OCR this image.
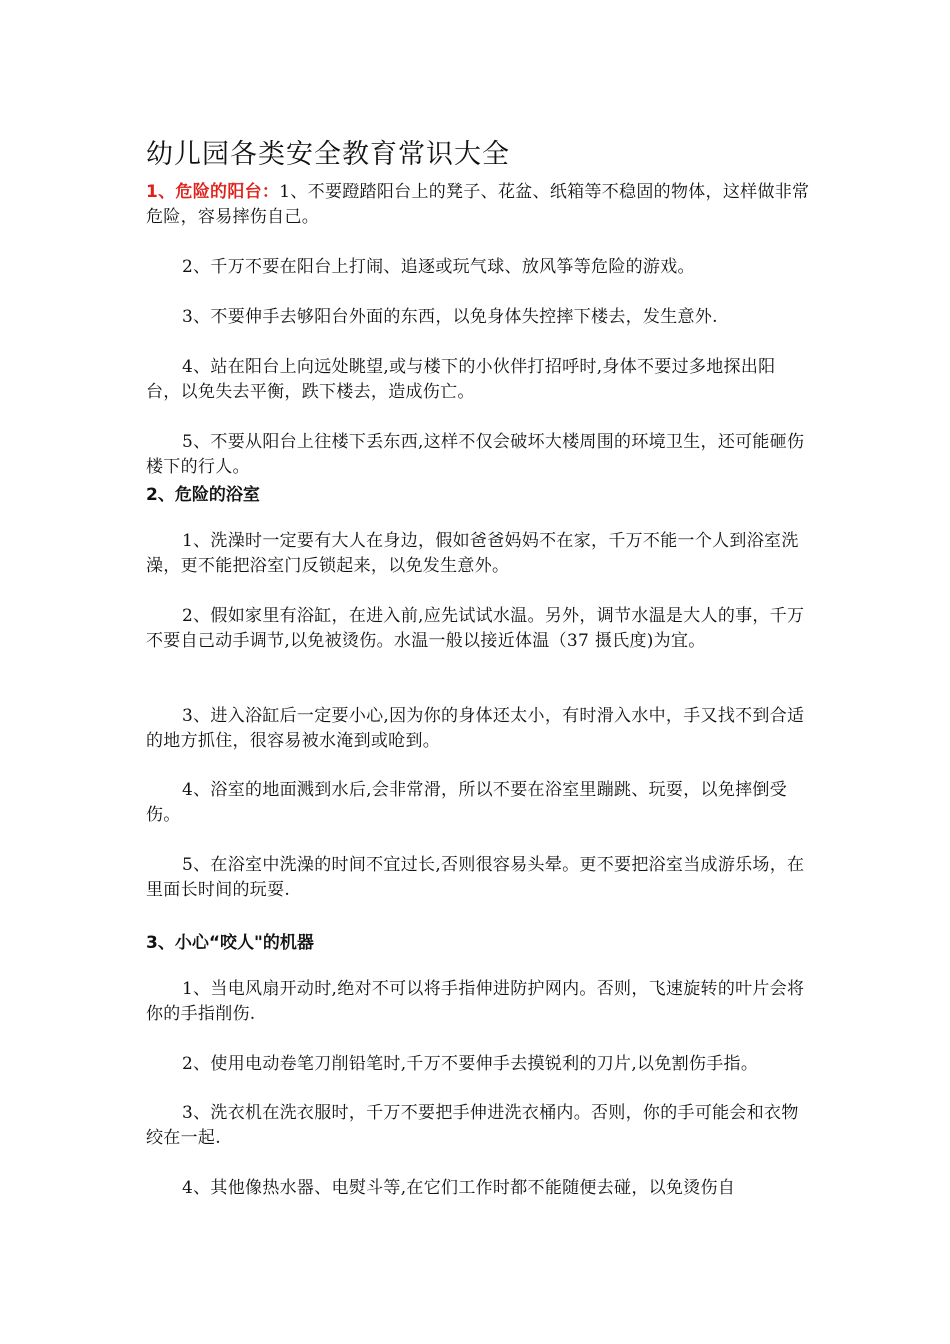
幼儿园各类安全教育常识大全

1、危险的阳台：1、不要蹬踏阳台上的凳子、花盆、纸箱等不稳固的物体，这样做非常危险，容易摔伤自己。

2、千万不要在阳台上打闹、追逐或玩气球、放风筝等危险的游戏。

3、不要伸手去够阳台外面的东西，以免身体失控摔下楼去，发生意外.

4、站在阳台上向远处眺望,或与楼下的小伙伴打招呼时,身体不要过多地探出阳台，以免失去平衡，跌下楼去，造成伤亡。

5、不要从阳台上往楼下丢东西,这样不仅会破坏大楼周围的环境卫生，还可能砸伤楼下的行人。

2、危险的浴室

1、洗澡时一定要有大人在身边，假如爸爸妈妈不在家，千万不能一个人到浴室洗澡，更不能把浴室门反锁起来，以免发生意外。

2、假如家里有浴缸，在进入前,应先试试水温。另外，调节水温是大人的事，千万不要自己动手调节,以免被烫伤。水温一般以接近体温（37 摄氏度)为宜。

3、进入浴缸后一定要小心,因为你的身体还太小，有时滑入水中，手又找不到合适的地方抓住，很容易被水淹到或呛到。

4、浴室的地面溅到水后,会非常滑，所以不要在浴室里蹦跳、玩耍，以免摔倒受伤。

5、在浴室中洗澡的时间不宜过长,否则很容易头晕。更不要把浴室当成游乐场，在里面长时间的玩耍.

3、小心“咬人"的机器

1、当电风扇开动时,绝对不可以将手指伸进防护网内。否则，飞速旋转的叶片会将你的手指削伤.

2、使用电动卷笔刀削铅笔时,千万不要伸手去摸锐利的刀片,以免割伤手指。

3、洗衣机在洗衣服时，千万不要把手伸进洗衣桶内。否则，你的手可能会和衣物绞在一起.

4、其他像热水器、电熨斗等,在它们工作时都不能随便去碰，以免烫伤自
